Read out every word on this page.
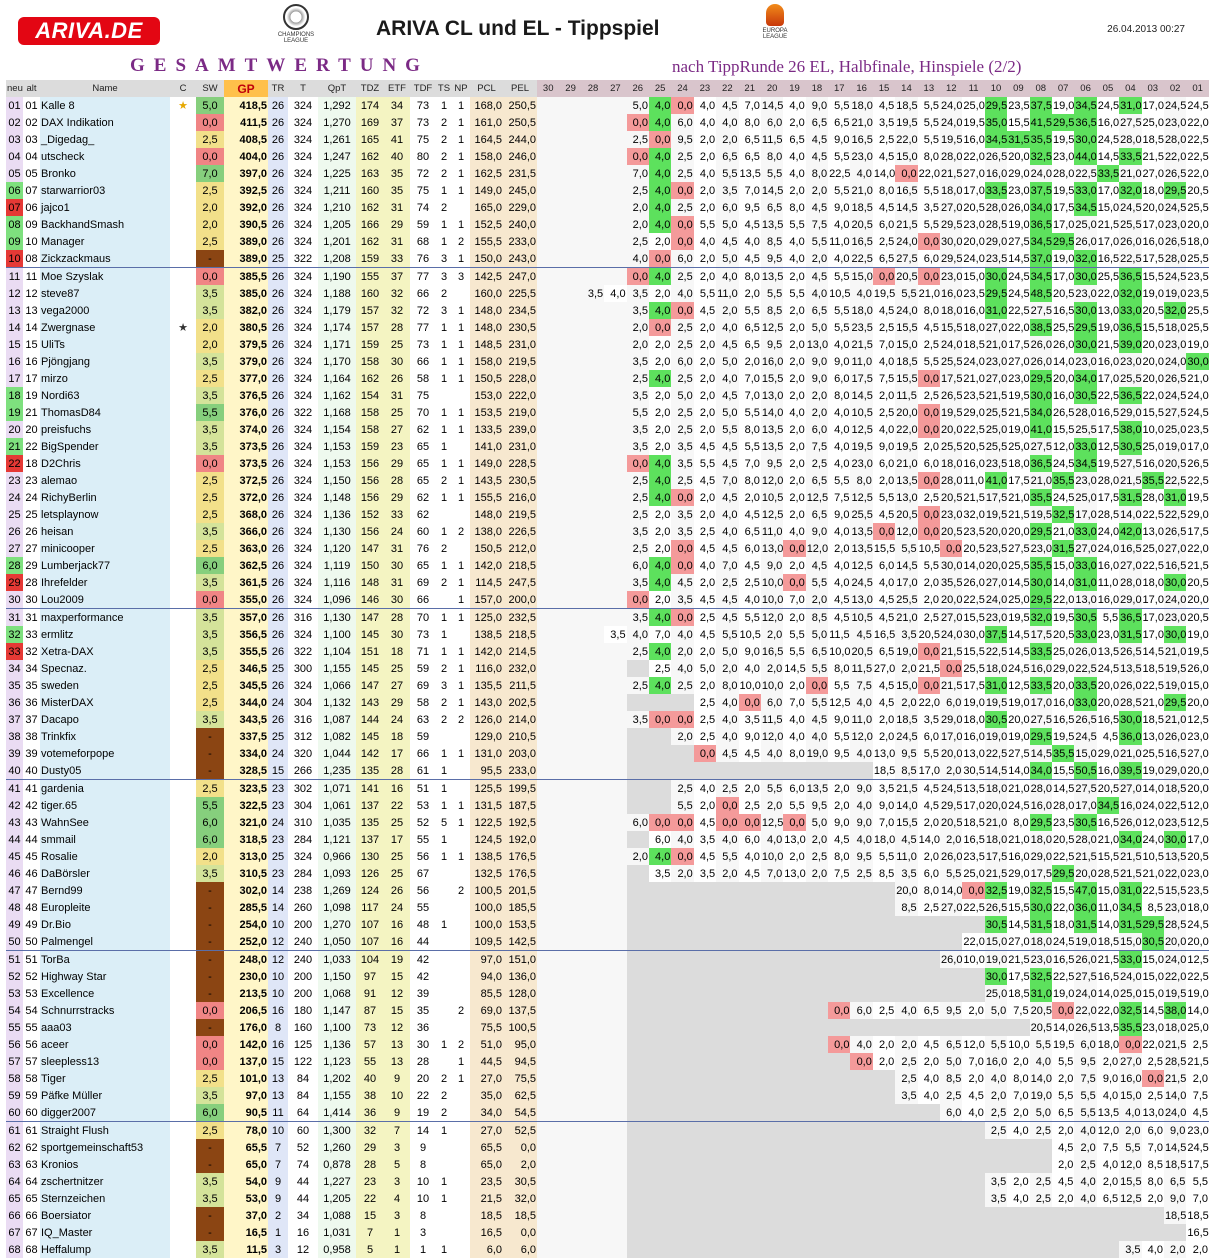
ARIVA.DE	CHAMPIONS LEAGUE
ARIVA CL und EL - Tippspiel	EUROPA LEAGUE
26.04.2013 00:27
GESAMTWERTUNG	nach TippRunde 26 EL, Halbfinale, Hinspiele (2/2)
neu	alt	Name	C	SW	GP	TR	T	QpT	TDZ	ETF	TDF	TS	NP	PCL	PEL	30	29	28	27	26	25	24	23	22	21	20	19	18	17	16	15	14	13	12	11	10	09	08	07	06	05	04	03	02	01
01	01	Kalle 8	★	5,0	418,5	26	324	1,292	174	34	73	1	1	168,0	250,5					5,0	4,0	0,0	4,0	4,5	7,0	14,5	4,0	9,0	5,5	18,0	4,5	18,5	5,5	24,0	25,0	29,5	23,5	37,5	19,0	34,5	24,5	31,0	17,0	24,5	24,5
02	02	DAX Indikation		0,0	411,5	26	324	1,270	169	37	73	2	1	161,0	250,5					0,0	4,0	6,0	4,0	4,0	8,0	6,0	2,0	6,5	6,5	21,0	3,5	19,5	5,5	24,0	19,5	35,0	15,5	41,5	29,5	36,5	16,0	27,5	25,0	23,0	22,0
03	03	_Digedag_		2,5	408,5	26	324	1,261	165	41	75	2	1	164,5	244,0					2,5	0,0	9,5	2,0	2,0	6,5	11,5	6,5	4,5	9,0	16,5	2,5	22,0	5,5	19,5	16,0	34,5	31,5	35,5	19,5	30,0	24,5	28,0	18,5	28,0	22,5
04	04	utscheck		0,0	404,0	26	324	1,247	162	40	80	2	1	158,0	246,0					0,0	4,0	2,5	2,0	6,5	6,5	8,0	4,0	4,5	5,5	23,0	4,5	15,0	8,0	28,0	22,0	26,5	20,0	32,5	23,0	44,0	14,5	33,5	21,5	22,0	22,5
05	05	Bronko		7,0	397,0	26	324	1,225	163	35	72	2	1	162,5	231,5					7,0	4,0	2,5	4,0	5,5	13,5	5,5	4,0	8,0	22,5	4,0	14,0	0,0	22,0	21,5	27,0	16,0	29,0	24,0	28,0	22,5	33,5	21,0	27,0	26,5	22,0
06	07	starwarrior03		2,5	392,5	26	324	1,211	160	35	75	1	1	149,0	245,0					2,5	4,0	0,0	2,0	3,5	7,0	14,5	2,0	2,0	5,5	21,0	8,0	16,5	5,5	18,0	17,0	33,5	23,0	37,5	19,5	33,0	17,0	32,0	18,0	29,5	20,5
07	06	jajco1		2,0	392,0	26	324	1,210	162	31	74	2		165,0	229,0					2,0	4,0	2,5	2,0	6,0	9,5	6,5	8,0	4,5	9,0	18,5	4,5	14,5	3,5	27,0	20,5	28,0	26,0	34,0	17,5	34,5	15,0	24,5	20,0	24,5	25,5
08	09	BackhandSmash		2,0	390,5	26	324	1,205	166	29	59	1	1	152,5	240,0					2,0	4,0	0,0	5,5	5,0	4,5	13,5	5,5	7,5	4,0	20,5	6,0	21,5	5,5	29,5	23,0	28,5	19,0	36,5	17,0	25,0	21,5	25,5	17,0	23,0	20,0
09	10	Manager		2,5	389,0	26	324	1,201	162	31	68	1	2	155,5	233,0					2,5	2,0	0,0	4,0	4,5	4,0	8,5	4,0	5,5	11,0	16,5	2,5	24,0	0,0	30,0	20,0	29,0	27,5	34,5	29,5	26,0	17,0	26,0	16,0	26,5	18,0
10	08	Zickzackmaus		-	389,0	25	322	1,208	159	33	76	3	1	150,0	243,0					4,0	0,0	6,0	2,0	5,0	4,5	9,5	4,0	2,0	4,0	22,5	6,5	27,5	6,0	29,5	24,0	23,5	14,5	37,0	19,0	32,0	16,5	22,5	17,5	28,0	25,5
11	11	Moe Szyslak		0,0	385,5	26	324	1,190	155	37	77	3	3	142,5	247,0					0,0	4,0	2,5	2,0	4,0	8,0	13,5	2,0	4,5	5,5	15,0	0,0	20,5	0,0	23,0	15,0	30,0	24,5	34,5	17,0	30,0	25,5	36,5	15,5	24,5	23,5
12	12	steve87		3,5	385,0	26	324	1,188	160	32	66	2		160,0	225,5			3,5	4,0	3,5	2,0	4,0	5,5	11,0	2,0	5,5	5,5	4,0	10,5	4,0	19,5	5,5	21,0	16,0	23,5	29,5	24,5	48,5	20,5	23,0	22,0	32,0	19,0	19,0	23,5
13	13	vega2000		3,5	382,0	26	324	1,179	157	32	72	3	1	148,0	234,5					3,5	4,0	0,0	4,5	2,0	5,5	8,5	2,0	6,5	5,5	18,0	4,5	24,0	8,0	18,0	16,0	31,0	22,5	27,5	16,5	30,0	13,0	33,0	20,5	32,0	25,5
14	14	Zwergnase	★	2,0	380,5	26	324	1,174	157	28	77	1	1	148,0	230,5					2,0	0,0	2,5	2,0	4,0	6,5	12,5	2,0	5,0	5,5	23,5	2,5	15,5	4,5	15,5	18,0	27,0	22,0	38,5	25,5	29,5	19,0	36,5	15,5	18,0	25,5
15	15	UliTs		2,0	379,5	26	324	1,171	159	25	73	1	1	148,5	231,0					2,0	2,0	2,5	2,0	4,5	6,5	9,5	2,0	13,0	4,0	21,5	7,0	15,0	2,5	24,0	18,5	21,0	17,5	26,0	26,0	30,0	21,5	39,0	20,0	23,0	19,0
16	16	Pjöngjang		3,5	379,0	26	324	1,170	158	30	66	1	1	158,0	219,5					3,5	2,0	6,0	2,0	5,0	2,0	16,0	2,0	9,0	9,0	11,0	4,0	18,5	5,5	25,5	24,0	23,0	27,0	26,0	14,0	23,0	16,0	23,0	20,0	24,0	30,0
17	17	mirzo		2,5	377,0	26	324	1,164	162	26	58	1	1	150,5	228,0					2,5	4,0	2,5	2,0	4,0	7,0	15,5	2,0	9,0	6,0	17,5	7,5	15,5	0,0	17,5	21,0	27,0	23,0	29,5	20,0	34,0	17,0	25,5	20,0	26,5	21,0
18	19	Nordi63		3,5	376,5	26	324	1,162	154	31	75			153,0	222,0					3,5	2,0	5,0	2,0	4,5	7,0	13,0	2,0	2,0	8,0	14,5	2,0	11,5	2,5	26,5	23,5	21,5	19,5	30,0	16,0	30,5	22,5	36,5	22,0	24,5	24,0
19	21	ThomasD84		5,5	376,0	26	322	1,168	158	25	70	1	1	153,5	219,0					5,5	2,0	2,5	2,0	5,0	5,5	14,0	4,0	2,0	4,0	10,5	2,5	20,0	0,0	19,5	29,0	25,5	21,5	34,0	26,5	28,0	16,5	29,0	15,5	27,5	24,5
20	20	preisfuchs		3,5	374,0	26	324	1,154	158	27	62	1	1	133,5	239,0					3,5	2,0	2,5	2,0	5,5	8,0	13,5	2,0	6,0	4,0	12,5	4,0	22,0	0,0	20,0	22,5	25,0	19,0	41,0	15,5	25,5	17,5	38,0	10,0	25,0	23,5
21	22	BigSpender		3,5	373,5	26	324	1,153	159	23	65	1		141,0	231,0					3,5	2,0	3,5	4,5	4,5	5,5	13,5	2,0	7,5	4,0	19,5	9,0	19,5	2,0	25,5	20,5	25,5	25,0	27,5	12,0	33,0	12,5	30,5	25,0	19,0	17,0
22	18	D2Chris		0,0	373,5	26	324	1,153	156	29	65	1	1	149,0	228,5					0,0	4,0	3,5	5,5	4,5	7,0	9,5	2,0	2,5	4,0	23,0	6,0	21,0	6,0	18,0	16,0	23,5	18,0	36,5	24,5	34,5	19,5	27,5	16,0	20,5	26,5
23	23	alemao		2,5	372,5	26	324	1,150	156	28	65	2	1	143,5	230,5					2,5	4,0	2,5	4,5	7,0	8,0	12,0	2,0	6,5	5,5	8,0	2,0	13,5	0,0	28,0	11,0	41,0	17,5	21,0	35,5	23,0	28,0	21,5	35,5	22,5	22,5
24	24	RichyBerlin		2,5	372,0	26	324	1,148	156	29	62	1	1	155,5	216,0					2,5	4,0	0,0	2,0	4,5	2,0	10,5	2,0	12,5	7,5	12,5	5,5	13,0	2,5	20,5	21,5	17,5	21,0	35,5	24,5	25,0	17,5	31,5	28,0	31,0	19,5
25	25	letsplaynow		2,5	368,0	26	324	1,136	152	33	62			148,0	219,5					2,5	2,0	3,5	2,0	4,0	4,5	12,5	2,0	6,5	9,0	25,5	4,5	20,5	0,0	23,0	32,0	19,5	21,5	19,5	32,5	17,0	28,5	14,0	22,5	22,5	29,0
26	26	heisan		3,5	366,0	26	324	1,130	156	24	60	1	2	138,0	226,5					3,5	2,0	3,5	2,5	4,0	6,5	11,0	4,0	9,0	4,0	13,5	0,0	12,0	0,0	20,5	23,5	20,0	20,0	29,5	21,0	33,0	24,0	42,0	13,0	26,5	17,5
27	27	minicooper		2,5	363,0	26	324	1,120	147	31	76	2		150,5	212,0					2,5	2,0	0,0	4,5	4,5	6,0	13,0	0,0	12,0	2,0	13,5	15,5	5,5	10,5	0,0	20,5	23,5	27,5	23,0	31,5	27,0	24,0	16,5	25,0	27,0	22,0
28	29	Lumberjack77		6,0	362,5	26	324	1,119	150	30	65	1	1	142,0	218,5					6,0	4,0	0,0	4,0	7,0	4,5	9,0	2,0	4,5	4,0	12,5	6,0	14,5	5,5	30,0	14,0	20,0	25,5	35,5	15,0	33,0	16,0	27,0	22,5	16,5	21,5
29	28	Ihrefelder		3,5	361,5	26	324	1,116	148	31	69	2	1	114,5	247,5					3,5	4,0	4,5	2,0	2,5	2,5	10,0	0,0	5,5	4,0	24,5	4,0	17,0	2,0	35,5	26,0	27,0	14,5	30,0	14,0	31,0	11,0	28,0	18,0	30,0	20,5
30	30	Lou2009		0,0	355,0	26	324	1,096	146	30	66		1	157,0	200,0					0,0	2,0	3,5	4,5	4,5	4,0	10,0	7,0	2,0	4,5	13,0	4,5	25,5	2,0	20,0	22,5	24,0	25,0	29,5	22,0	13,0	16,0	29,0	17,0	24,0	20,0
31	31	maxperformance		3,5	357,0	26	316	1,130	147	28	70	1	1	125,0	232,5					3,5	4,0	0,0	2,5	4,5	5,5	12,0	2,0	8,5	4,5	10,5	4,5	21,0	2,5	27,0	15,5	23,0	19,5	32,0	19,5	30,5	5,5	36,5	17,0	23,0	20,5
32	33	ermlitz		3,5	356,5	26	324	1,100	145	30	73	1		138,5	218,5				3,5	4,0	7,0	4,0	4,5	5,5	10,5	2,0	5,5	5,0	11,5	4,5	16,5	3,5	20,5	24,0	30,0	37,5	14,5	17,5	20,5	33,0	23,0	31,5	17,0	30,0	19,0
33	32	Xetra-DAX		3,5	355,5	26	322	1,104	151	18	71	1	1	142,0	214,5					2,5	4,0	2,0	2,0	5,0	9,0	16,5	5,5	6,5	10,0	20,5	6,5	19,0	0,0	21,5	15,5	22,5	14,5	33,5	25,0	26,0	13,5	26,5	14,5	21,0	19,5
34	34	Specnaz.		2,5	346,5	25	300	1,155	145	25	59	2	1	116,0	232,0						2,5	4,0	5,0	2,0	4,0	2,0	14,5	5,5	8,0	11,5	27,0	2,0	21,5	0,0	25,5	18,0	24,5	16,0	29,0	22,5	24,5	13,5	18,5	19,5	26,0
35	35	sweden		2,5	345,5	26	324	1,066	147	27	69	3	1	135,5	211,5					2,5	4,0	2,5	2,0	8,0	10,0	10,0	2,0	0,0	5,5	7,5	4,5	15,0	0,0	21,5	17,5	31,0	12,5	33,5	20,0	33,5	20,0	26,0	22,5	19,0	15,0
36	36	MisterDAX		2,5	344,0	24	304	1,132	143	29	58	2	1	143,0	202,5								2,5	4,0	0,0	6,0	7,0	5,5	12,5	4,0	4,5	2,0	22,0	6,0	19,0	19,5	19,0	17,0	16,0	33,0	20,0	28,5	21,0	29,5	20,0
37	37	Dacapo		3,5	343,5	26	316	1,087	144	24	63	2	2	126,0	214,0					3,5	0,0	0,0	2,5	4,0	3,5	11,5	4,0	4,5	9,0	11,0	2,0	18,5	3,5	29,0	18,0	30,5	20,0	27,5	16,5	26,5	16,5	30,0	18,5	21,0	12,5
38	38	Trinkfix		-	337,5	25	312	1,082	145	18	59			129,0	210,5							2,0	2,5	4,0	9,0	12,0	4,0	4,0	5,5	12,0	2,0	24,5	6,0	17,0	16,0	19,0	19,0	29,5	19,5	24,5	4,5	36,0	13,0	26,0	23,0
39	39	votemeforpope		-	334,0	24	320	1,044	142	17	66	1	1	131,0	203,0								0,0	4,5	4,5	4,0	8,0	19,0	9,5	4,0	13,0	9,5	5,5	20,0	13,0	22,5	27,5	14,5	35,5	15,0	29,0	21,0	25,5	16,5	27,0
40	40	Dusty05		-	328,5	15	266	1,235	135	28	61	1		95,5	233,0																18,5	8,5	17,0	2,0	30,5	14,5	14,0	34,0	15,5	50,5	16,0	39,5	19,0	29,0	20,0
41	41	gardenia		2,5	323,5	23	302	1,071	141	16	51	1		125,5	199,5							2,5	4,0	2,5	2,0	5,5	6,0	13,5	2,0	9,0	3,5	21,5	4,5	24,5	13,5	18,0	21,0	28,0	14,5	27,5	20,5	27,0	14,0	18,5	20,0
42	42	tiger.65		5,5	322,5	23	304	1,061	137	22	53	1	1	131,5	187,5							5,5	2,0	0,0	2,5	2,0	5,5	9,5	2,0	4,0	9,0	14,0	4,5	29,5	17,0	20,0	24,5	16,0	28,0	17,0	34,5	16,0	24,0	22,5	12,0
43	43	WahnSee		6,0	321,0	24	310	1,035	135	25	52	5	1	122,5	192,5					6,0	0,0	0,0	4,5	0,0	0,0	12,5	0,0	5,0	9,0	9,0	7,0	15,5	2,0	20,5	18,5	21,0	8,0	29,5	23,5	30,5	16,5	26,0	12,0	23,5	12,5
44	44	smmail		6,0	318,5	23	284	1,121	137	17	55	1		124,5	192,0						6,0	4,0	3,5	4,0	6,0	4,0	13,0	2,0	4,5	4,0	18,0	4,5	14,0	2,0	16,5	18,0	21,0	18,0	20,5	28,0	21,0	34,0	24,0	30,0	17,0
45	45	Rosalie		2,0	313,0	25	324	0,966	130	25	56	1	1	138,5	176,5					2,0	4,0	0,0	4,5	5,5	4,0	10,0	2,0	2,5	8,0	9,5	5,5	11,0	2,0	26,0	23,5	17,5	16,0	29,0	22,5	21,5	15,5	21,5	10,5	13,5	20,5
46	46	DaBörsler		3,5	310,5	23	284	1,093	126	25	67			132,5	176,5						3,5	2,0	3,5	2,0	4,5	7,0	13,0	2,0	7,5	2,5	8,5	3,5	6,0	5,5	25,0	21,5	29,0	17,5	29,5	20,0	28,5	21,5	21,0	22,0	23,0
47	47	Bernd99		-	302,0	14	238	1,269	124	26	56		2	100,5	201,5																	20,0	8,0	14,0	0,0	32,5	19,0	32,5	15,5	47,0	15,0	31,0	22,5	15,5	23,5
48	48	Europleite		-	285,5	14	260	1,098	117	24	55			100,0	185,5																	8,5	2,5	27,0	22,5	26,5	15,5	30,0	22,0	36,0	11,0	34,5	8,5	23,0	18,0
49	49	Dr.Bio		-	254,0	10	200	1,270	107	16	48	1		100,0	153,5																					30,5	14,5	31,5	18,0	31,5	14,0	31,5	29,5	28,5	24,5
50	50	Palmengel		-	252,0	12	240	1,050	107	16	44			109,5	142,5																				22,0	15,0	27,0	18,0	24,5	19,0	18,5	15,0	30,5	20,0	20,0
51	51	TorBa		-	248,0	12	240	1,033	104	19	42			97,0	151,0																			26,0	10,0	19,0	21,5	23,0	16,5	26,0	21,5	33,0	15,0	24,0	12,5
52	52	Highway Star		-	230,0	10	200	1,150	97	15	42			94,0	136,0																					30,0	17,5	32,5	22,5	27,5	16,5	24,0	15,0	22,0	22,5
53	53	Excellence		-	213,5	10	200	1,068	91	12	39			85,5	128,0																					25,0	18,5	31,0	19,0	24,0	14,0	25,0	15,0	19,5	19,0
54	54	Schnurrstracks		0,0	206,5	16	180	1,147	87	15	35		2	69,0	137,5														0,0	6,0	2,5	4,0	6,5	9,5	2,0	5,0	7,5	20,5	0,0	22,0	22,0	32,5	14,5	38,0	14,0
55	55	aaa03		-	176,0	8	160	1,100	73	12	36			75,5	100,5																							20,5	14,0	26,5	13,5	35,5	23,0	18,0	25,0
56	56	aceer		0,0	142,0	16	125	1,136	57	13	30	1	2	51,0	95,0														0,0	4,0	2,0	2,0	4,5	6,5	12,0	5,5	10,0	5,5	19,5	6,0	18,0	0,0	22,0	21,5	2,5
57	57	sleepless13		0,0	137,0	15	122	1,123	55	13	28		1	44,5	94,5															0,0	2,0	2,5	2,0	5,0	7,0	16,0	2,0	4,0	5,5	9,5	2,0	27,0	2,5	28,5	21,5
58	58	Tiger		2,5	101,0	13	84	1,202	40	9	20	2	1	27,0	75,5																	2,5	4,0	8,5	2,0	4,0	8,0	14,0	2,0	7,5	9,0	16,0	0,0	21,5	2,0
59	59	Päfke Müller		3,5	97,0	13	84	1,155	38	10	22	2		35,0	62,5																	3,5	4,0	2,5	4,5	2,0	7,0	19,0	5,5	5,5	4,0	15,0	2,5	14,0	7,5
60	60	digger2007		6,0	90,5	11	64	1,414	36	9	19	2		34,0	54,5																			6,0	4,0	2,5	2,0	5,0	6,5	5,5	13,5	4,0	13,0	24,0	4,5
61	61	Straight Flush		2,5	78,0	10	60	1,300	32	7	14	1		27,0	52,5																					2,5	4,0	2,5	2,0	4,0	12,0	2,0	6,0	9,0	23,0
62	62	sportgemeinschaft53		-	65,5	7	52	1,260	29	3	9			65,5	0,0																								4,5	2,0	7,5	5,5	7,0	14,5	24,5
63	63	Kronios		-	65,0	7	74	0,878	28	5	8			65,0	2,0																								2,0	2,5	4,0	12,0	8,5	18,5	17,5
64	64	zschertnitzer		3,5	54,0	9	44	1,227	23	3	10	1		23,5	30,5																					3,5	2,0	2,5	4,5	4,0	2,0	15,5	8,0	6,5	5,5
65	65	Sternzeichen		3,5	53,0	9	44	1,205	22	4	10	1		21,5	32,0																					3,5	4,0	2,5	2,0	4,0	6,5	12,5	2,0	9,0	7,0
66	66	Boersiator		-	37,0	2	34	1,088	15	3	8			18,5	18,5																													18,5	18,5
67	67	IQ_Master		-	16,5	1	16	1,031	7	1	3			16,5	0,0																														16,5
68	68	Heffalump		3,5	11,5	3	12	0,958	5	1	1	1		6,0	6,0																											3,5	4,0	2,0	2,0
